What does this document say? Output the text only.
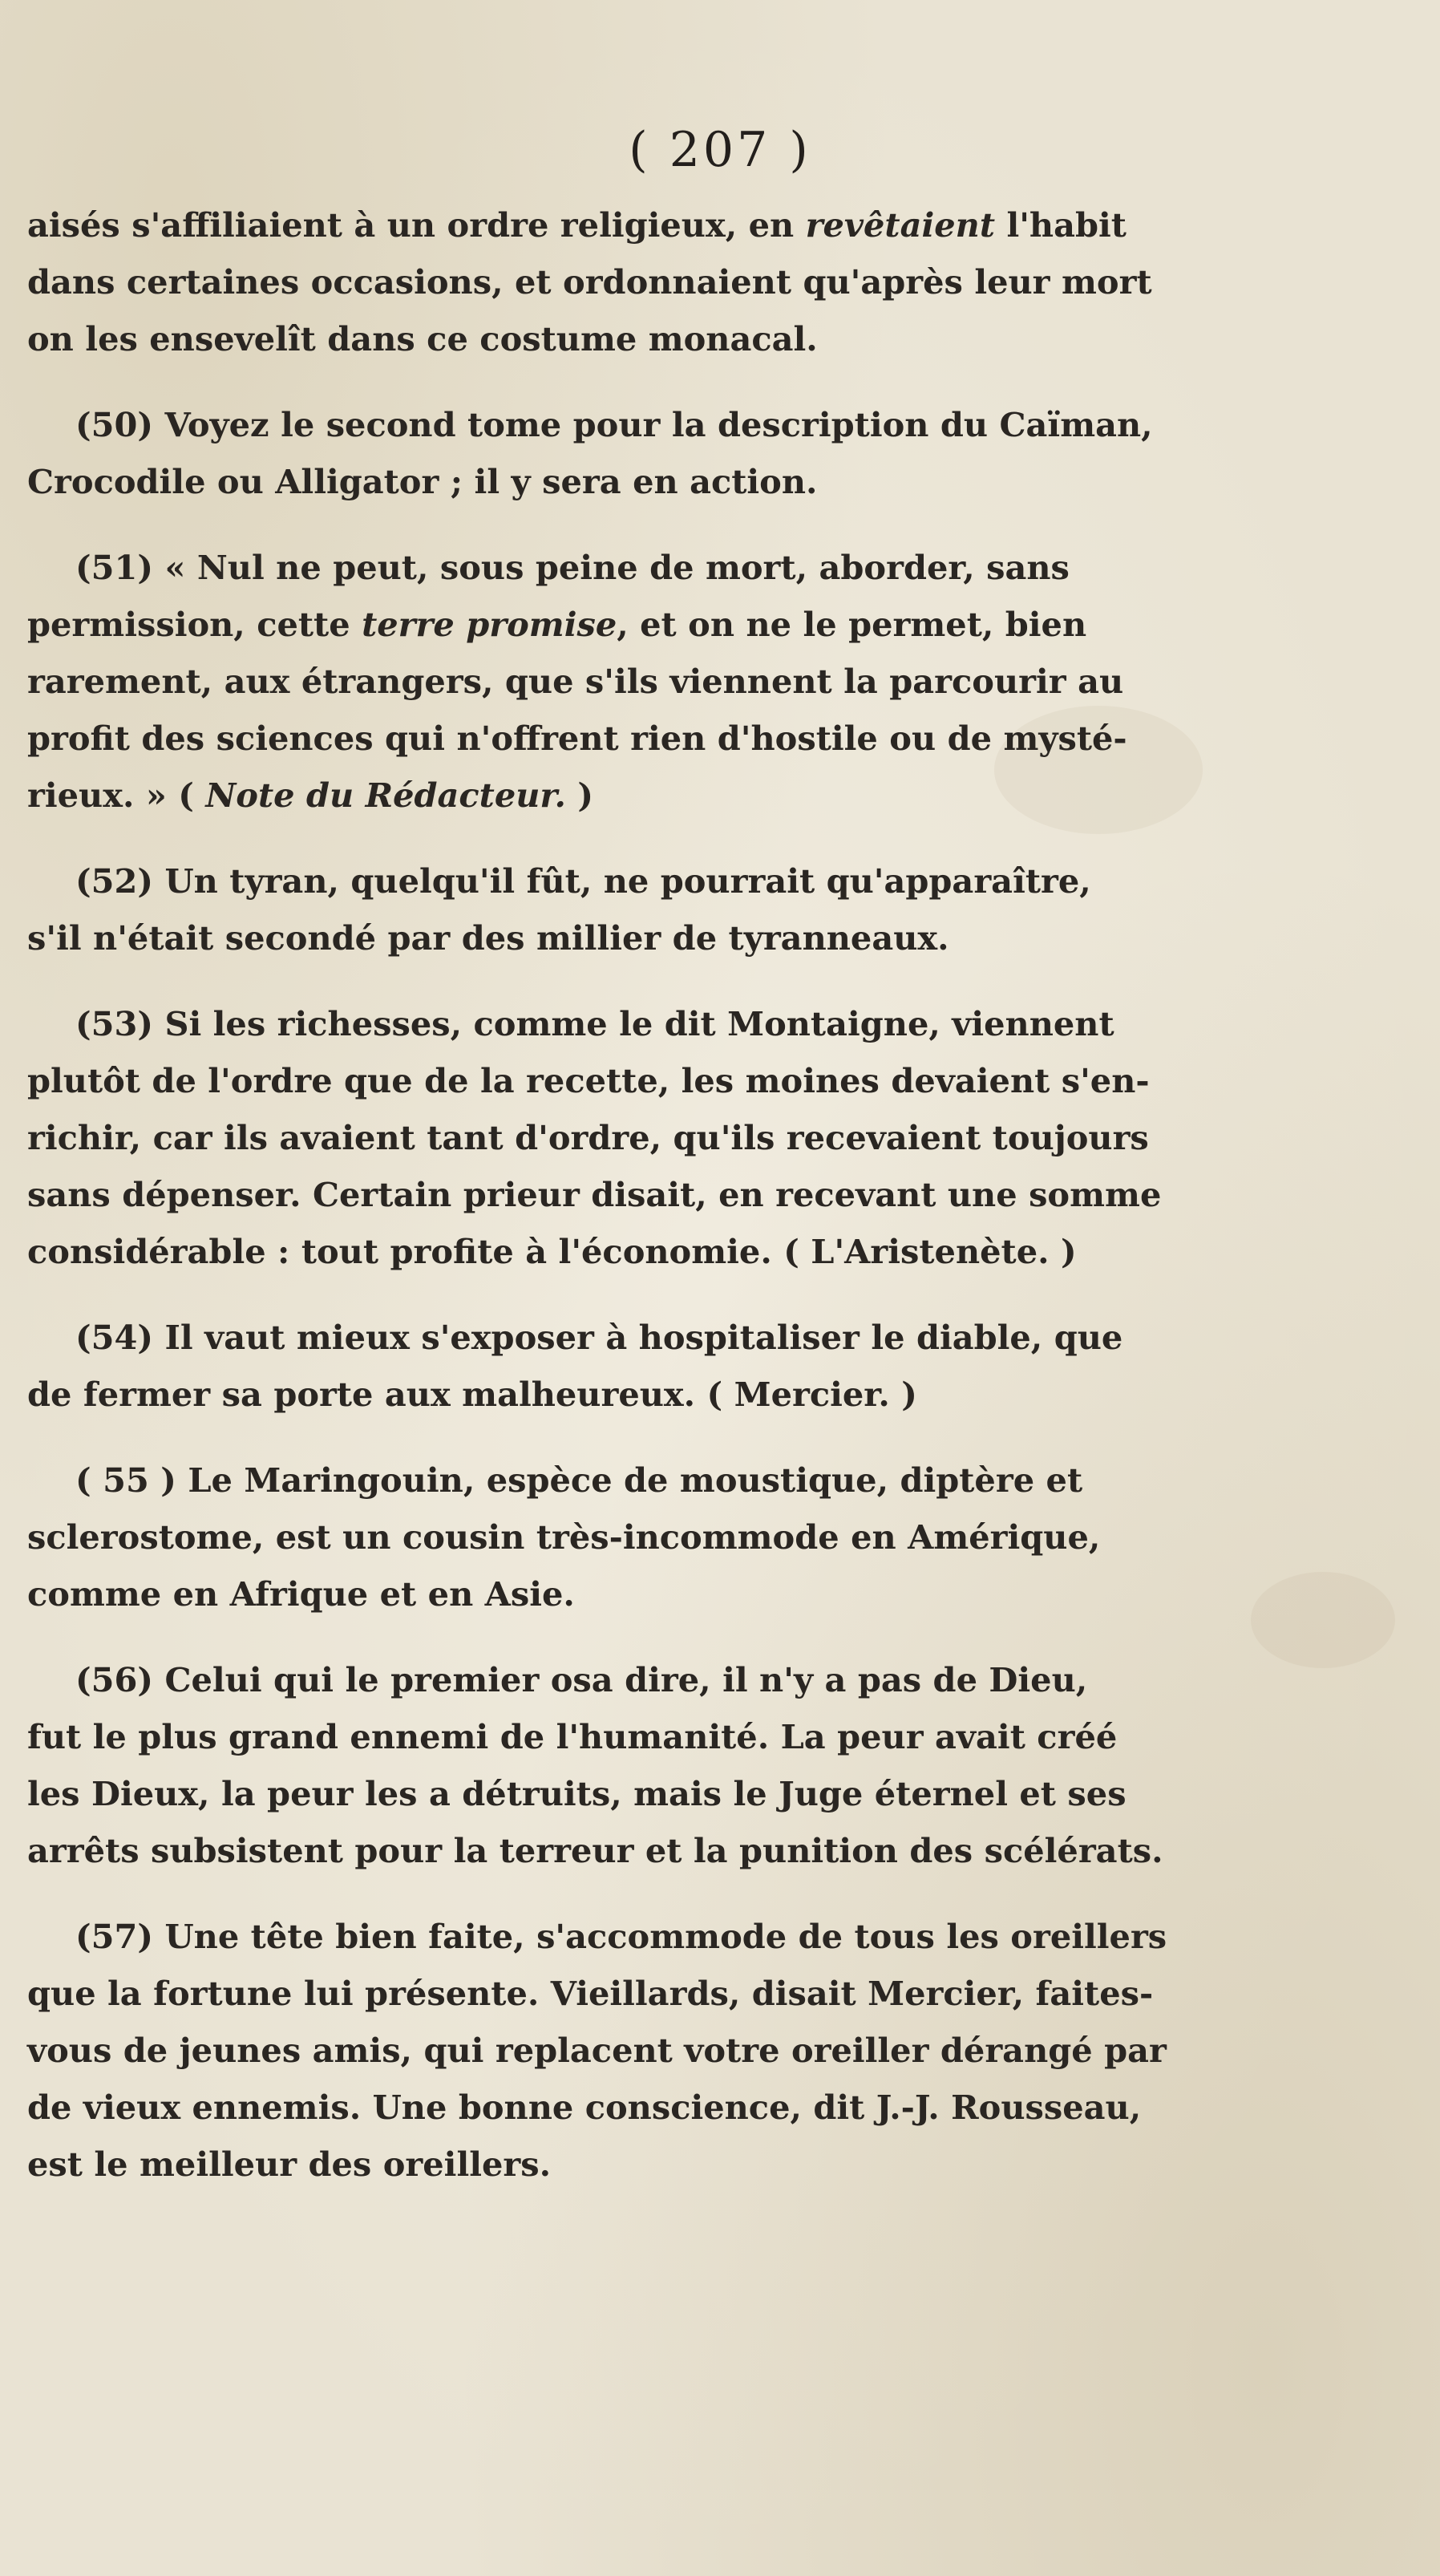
( 207 )
aisés s'affiliaient à un ordre religieux, en revêtaient l'habit
dans certaines occasions, et ordonnaient qu'après leur mort
on les ensevelît dans ce costume monacal.
(50) Voyez le second tome pour la description du Caïman,
Crocodile ou Alligator ; il y sera en action.
(51) « Nul ne peut, sous peine de mort, aborder, sans
permission, cette terre promise, et on ne le permet, bien
rarement, aux étrangers, que s'ils viennent la parcourir au
profit des sciences qui n'offrent rien d'hostile ou de mysté-
rieux. » ( Note du Rédacteur. )
(52) Un tyran, quelqu'il fût, ne pourrait qu'apparaître,
s'il n'était secondé par des millier de tyranneaux.
(53) Si les richesses, comme le dit Montaigne, viennent
plutôt de l'ordre que de la recette, les moines devaient s'en-
richir, car ils avaient tant d'ordre, qu'ils recevaient toujours
sans dépenser. Certain prieur disait, en recevant une somme
considérable : tout profite à l'économie. ( L'Aristenète. )
(54) Il vaut mieux s'exposer à hospitaliser le diable, que
de fermer sa porte aux malheureux. ( Mercier. )
( 55 ) Le Maringouin, espèce de moustique, diptère et
sclerostome, est un cousin très-incommode en Amérique,
comme en Afrique et en Asie.
(56) Celui qui le premier osa dire, il n'y a pas de Dieu,
fut le plus grand ennemi de l'humanité. La peur avait créé
les Dieux, la peur les a détruits, mais le Juge éternel et ses
arrêts subsistent pour la terreur et la punition des scélérats.
(57) Une tête bien faite, s'accommode de tous les oreillers
que la fortune lui présente. Vieillards, disait Mercier, faites-
vous de jeunes amis, qui replacent votre oreiller dérangé par
de vieux ennemis. Une bonne conscience, dit J.-J. Rousseau,
est le meilleur des oreillers.
